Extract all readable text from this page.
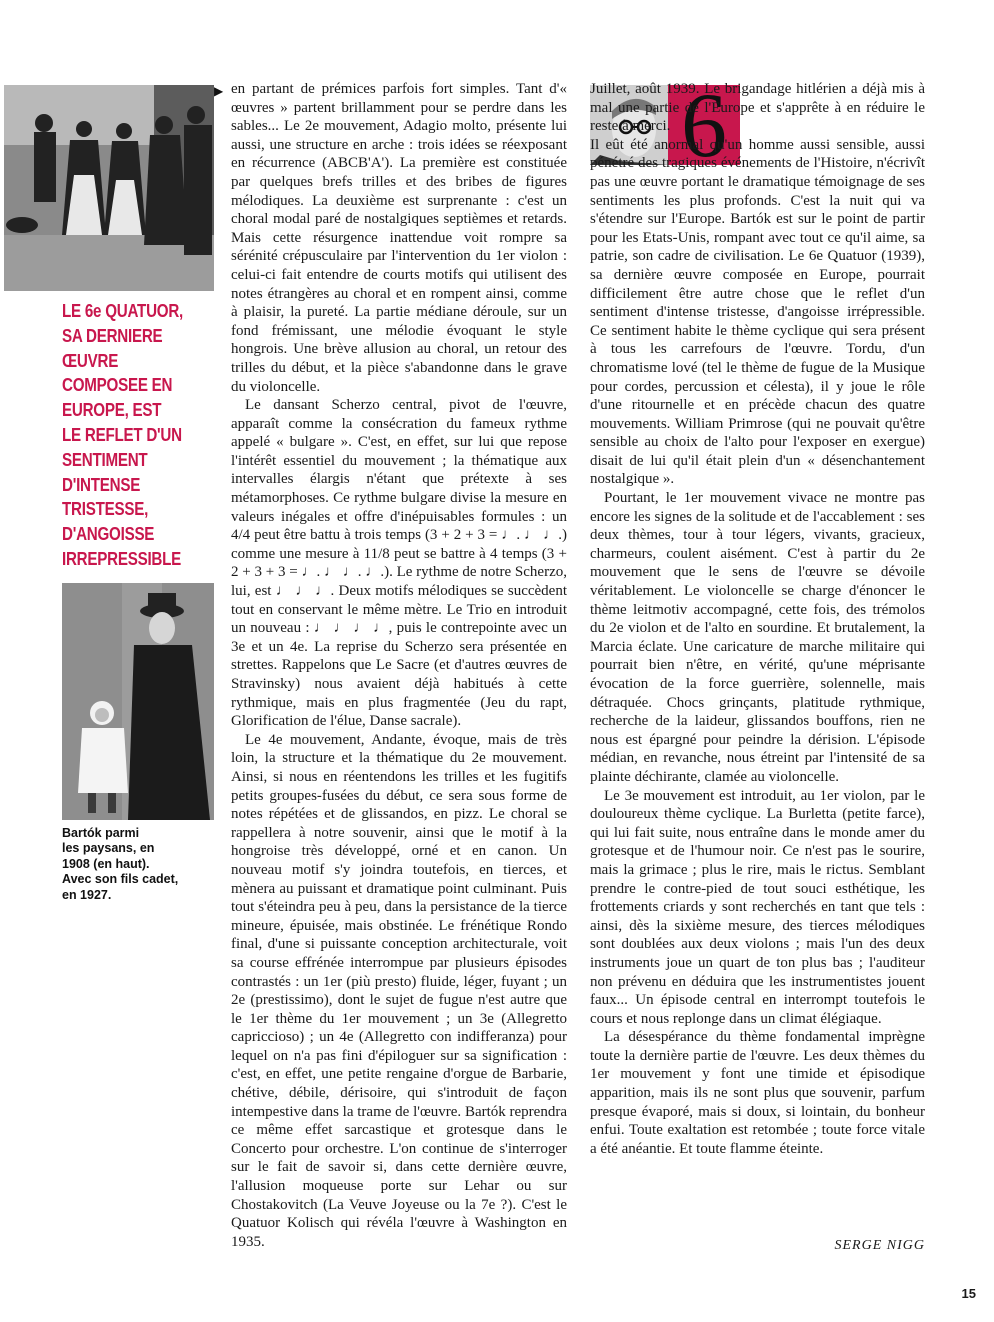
LE 6e QUATUOR,
SA DERNIERE
ŒUVRE
COMPOSEE EN
EUROPE, EST
LE REFLET D'UN
SENTIMENT
D'INTENSE
TRISTESSE,
D'ANGOISSE
IRREPRESSIBLE

Bartók parmi
les paysans, en
1908 (en haut).
Avec son fils cadet,
en 1927.

▶ en partant de prémices parfois fort simples. Tant d'« œuvres » partent brillamment pour se perdre dans les sables... Le 2e mouvement, Adagio molto, présente lui aussi, une structure en arche : trois idées se réexposant en récurrence (ABCB'A'). La première est constituée par quelques brefs trilles et des bribes de figures mélodiques. La deuxième est surprenante : c'est un choral modal paré de nostalgiques septièmes et retards. Mais cette résurgence inattendue voit rompre sa sérénité crépusculaire par l'intervention du 1er violon : celui-ci fait entendre de courts motifs qui utilisent des notes étrangères au choral et en rompent ainsi, comme à plaisir, la pureté. La partie médiane déroule, sur un fond frémissant, une mélodie évoquant le style hongrois. Une brève allusion au choral, un retour des trilles du début, et la pièce s'abandonne dans le grave du violoncelle.

Le dansant Scherzo central, pivot de l'œuvre, apparaît comme la consécration du fameux rythme appelé « bulgare ». C'est, en effet, sur lui que repose l'intérêt essentiel du mouvement ; la thématique aux intervalles élargis n'étant que prétexte à ses métamorphoses. Ce rythme bulgare divise la mesure en valeurs inégales et offre d'inépuisables formules : un 4/4 peut être battu à trois temps (3 + 2 + 3 = ♩. ♩ ♩.) comme une mesure à 11/8 peut se battre à 4 temps (3 + 2 + 3 + 3 = ♩. ♩ ♩. ♩.). Le rythme de notre Scherzo, lui, est ♩ ♩ ♩. Deux motifs mélodiques se succèdent tout en conservant le même mètre. Le Trio en introduit un nouveau : ♩ ♩ ♩ ♩, puis le contrepointe avec un 3e et un 4e. La reprise du Scherzo sera présentée en strettes. Rappelons que Le Sacre (et d'autres œuvres de Stravinsky) nous avaient déjà habitués à cette rythmique, mais en plus fragmentée (Jeu du rapt, Glorification de l'élue, Danse sacrale).

Le 4e mouvement, Andante, évoque, mais de très loin, la structure et la thématique du 2e mouvement. Ainsi, si nous en réentendons les trilles et les fugitifs petits groupes-fusées du début, ce sera sous forme de notes répétées et de glissandos, en pizz. Le choral se rappellera à notre souvenir, ainsi que le motif à la hongroise très développé, orné et en canon. Un nouveau motif s'y joindra toutefois, en tierces, et mènera au puissant et dramatique point culminant. Puis tout s'éteindra peu à peu, dans la persistance de la tierce mineure, épuisée, mais obstinée. Le frénétique Rondo final, d'une si puissante conception architecturale, voit sa course effrénée interrompue par plusieurs épisodes contrastés : un 1er (più presto) fluide, léger, fuyant ; un 2e (prestissimo), dont le sujet de fugue n'est autre que le 1er thème du 1er mouvement ; un 3e (Allegretto capriccioso) ; un 4e (Allegretto con indifferanza) pour lequel on n'a pas fini d'épiloguer sur sa signification : c'est, en effet, une petite rengaine d'orgue de Barbarie, chétive, débile, dérisoire, qui s'introduit de façon intempestive dans la trame de l'œuvre. Bartók reprendra ce même effet sarcastique et grotesque dans le Concerto pour orchestre. L'on continue de s'interroger sur le fait de savoir si, dans cette dernière œuvre, l'allusion moqueuse porte sur Lehar ou sur Chostakovitch (La Veuve Joyeuse ou la 7e ?). C'est le Quatuor Kolisch qui révéla l'œuvre à Washington en 1935.

6

Juillet, août 1939. Le brigandage hitlérien a déjà mis à mal une partie de l'Europe et s'apprête à en réduire le reste à merci.

Il eût été anormal qu'un homme aussi sensible, aussi pénétré des tragiques événements de l'Histoire, n'écrivît pas une œuvre portant le dramatique témoignage de ses sentiments les plus profonds. C'est la nuit qui va s'étendre sur l'Europe. Bartók est sur le point de partir pour les Etats-Unis, rompant avec tout ce qu'il aime, sa patrie, son cadre de civilisation. Le 6e Quatuor (1939), sa dernière œuvre composée en Europe, pourrait difficilement être autre chose que le reflet d'un sentiment d'intense tristesse, d'angoisse irrépressible. Ce sentiment habite le thème cyclique qui sera présent à tous les carrefours de l'œuvre. Tordu, d'un chromatisme lové (tel le thème de fugue de la Musique pour cordes, percussion et célesta), il y joue le rôle d'une ritournelle et en précède chacun des quatre mouvements. William Primrose (qui ne pouvait qu'être sensible au choix de l'alto pour l'exposer en exergue) disait de lui qu'il était plein d'un « désenchantement nostalgique ».

Pourtant, le 1er mouvement vivace ne montre pas encore les signes de la solitude et de l'accablement : ses deux thèmes, tour à tour légers, vivants, gracieux, charmeurs, coulent aisément. C'est à partir du 2e mouvement que le sens de l'œuvre se dévoile véritablement. Le violoncelle se charge d'énoncer le thème leitmotiv accompagné, cette fois, des trémolos du 2e violon et de l'alto en sourdine. Et brutalement, la Marcia éclate. Une caricature de marche militaire qui pourrait bien n'être, en vérité, qu'une méprisante évocation de la force guerrière, solennelle, mais détraquée. Chocs grinçants, platitude rythmique, recherche de la laideur, glissandos bouffons, rien ne nous est épargné pour peindre la dérision. L'épisode médian, en revanche, nous étreint par l'intensité de sa plainte déchirante, clamée au violoncelle.

Le 3e mouvement est introduit, au 1er violon, par le douloureux thème cyclique. La Burletta (petite farce), qui lui fait suite, nous entraîne dans le monde amer du grotesque et de l'humour noir. Ce n'est pas le sourire, mais la grimace ; plus le rire, mais le rictus. Semblant prendre le contre-pied de tout souci esthétique, les frottements criards y sont recherchés en tant que tels : ainsi, dès la sixième mesure, des tierces mélodiques sont doublées aux deux violons ; mais l'un des deux instruments joue un quart de ton plus bas ; l'auditeur non prévenu en déduira que les instrumentistes jouent faux... Un épisode central en interrompt toutefois le cours et nous replonge dans un climat élégiaque.

La désespérance du thème fondamental imprègne toute la dernière partie de l'œuvre. Les deux thèmes du 1er mouvement y font une timide et épisodique apparition, mais ils ne sont plus que souvenir, parfum presque évaporé, mais si doux, si lointain, du bonheur enfui. Toute exaltation est retombée ; toute force vitale a été anéantie. Et toute flamme éteinte.

SERGE NIGG
15
